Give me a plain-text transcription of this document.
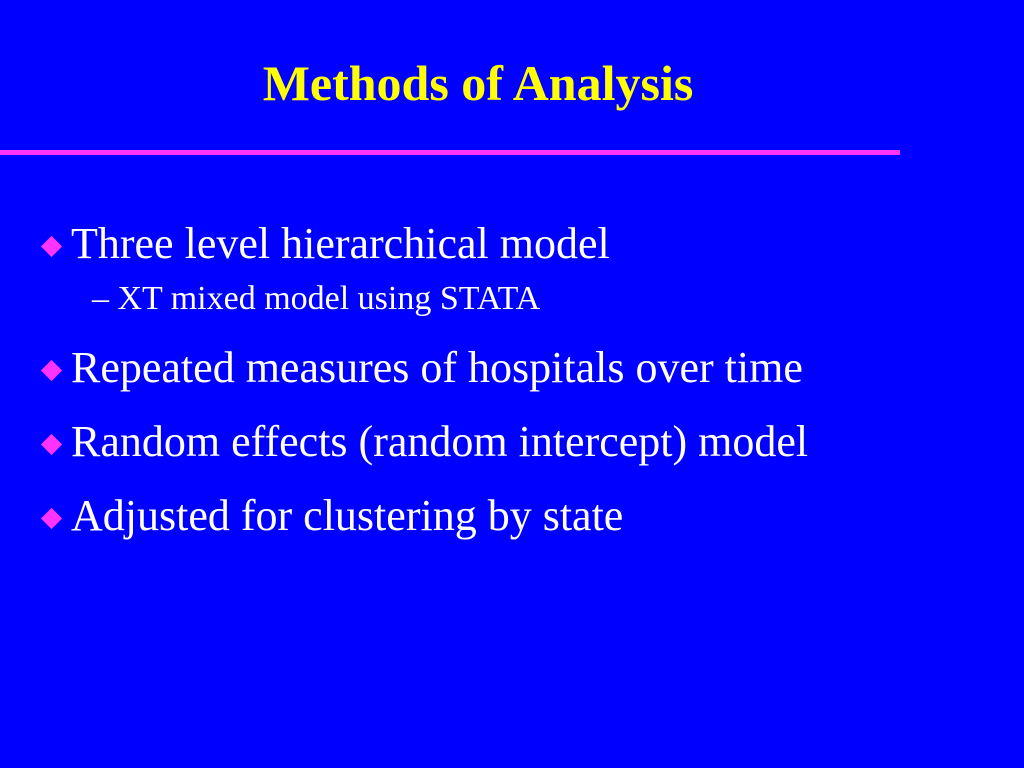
Methods of Analysis
Three level hierarchical model
– XT mixed model using STATA
Repeated measures of hospitals over time
Random effects (random intercept) model
Adjusted for clustering by state
